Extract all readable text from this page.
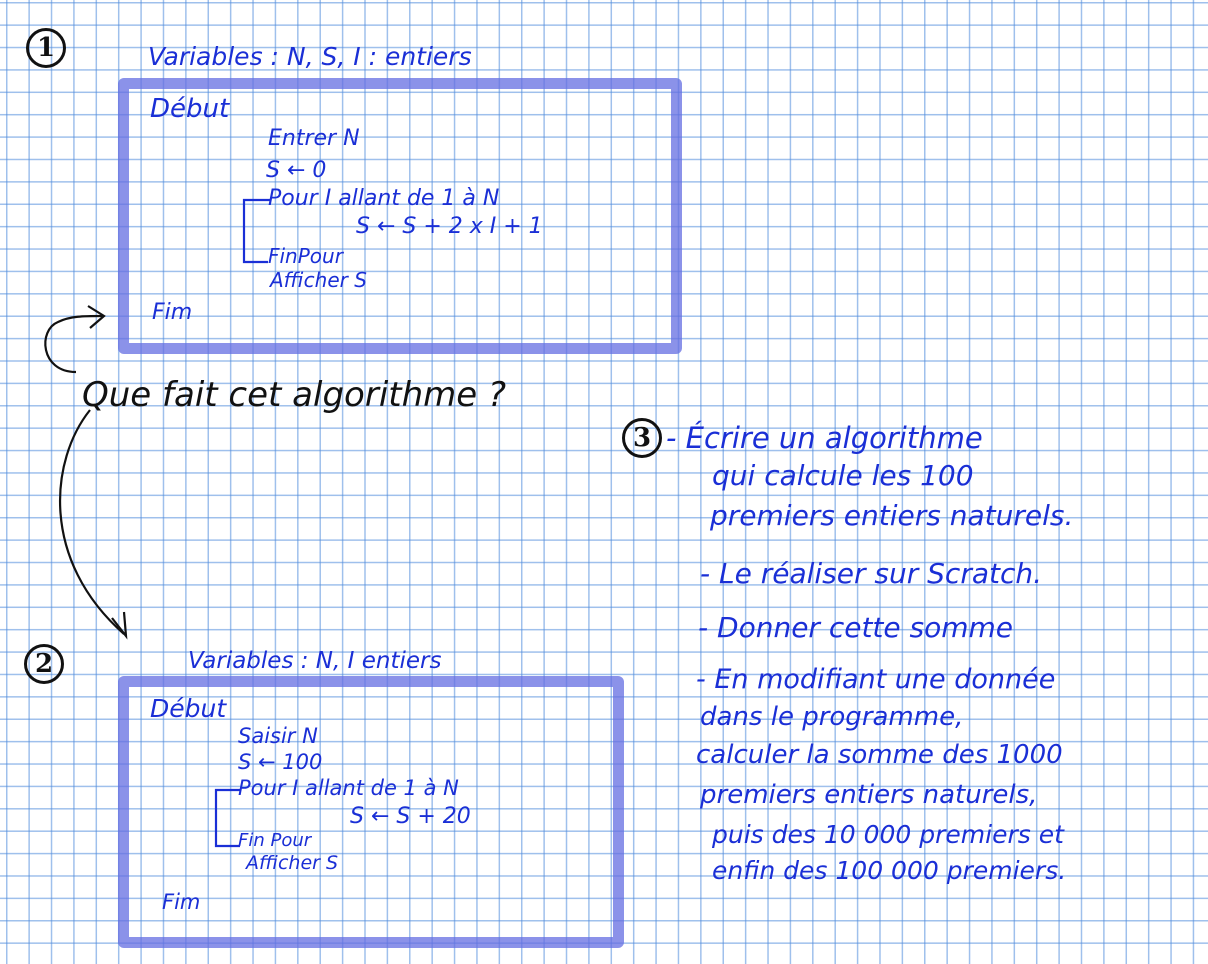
1	Variables : N, S, I : entiers
Début
Entrer N
S ← 0
Pour I allant de 1 à N
S ← S + 2 x I + 1
FinPour
Afficher S
Fim
Que fait cet algorithme ?
2	Variables : N, I entiers
Début
Saisir N
S ← 100
Pour I allant de 1 à N
S ← S + 20
Fin Pour
Afficher S
Fim
3 - Écrire un algorithme
qui calcule les 100
premiers entiers naturels.
- Le réaliser sur Scratch.
- Donner cette somme
- En modifiant une donnée
dans le programme,
calculer la somme des 1000
premiers entiers naturels,
puis des 10 000 premiers et
enfin des 100 000 premiers.
